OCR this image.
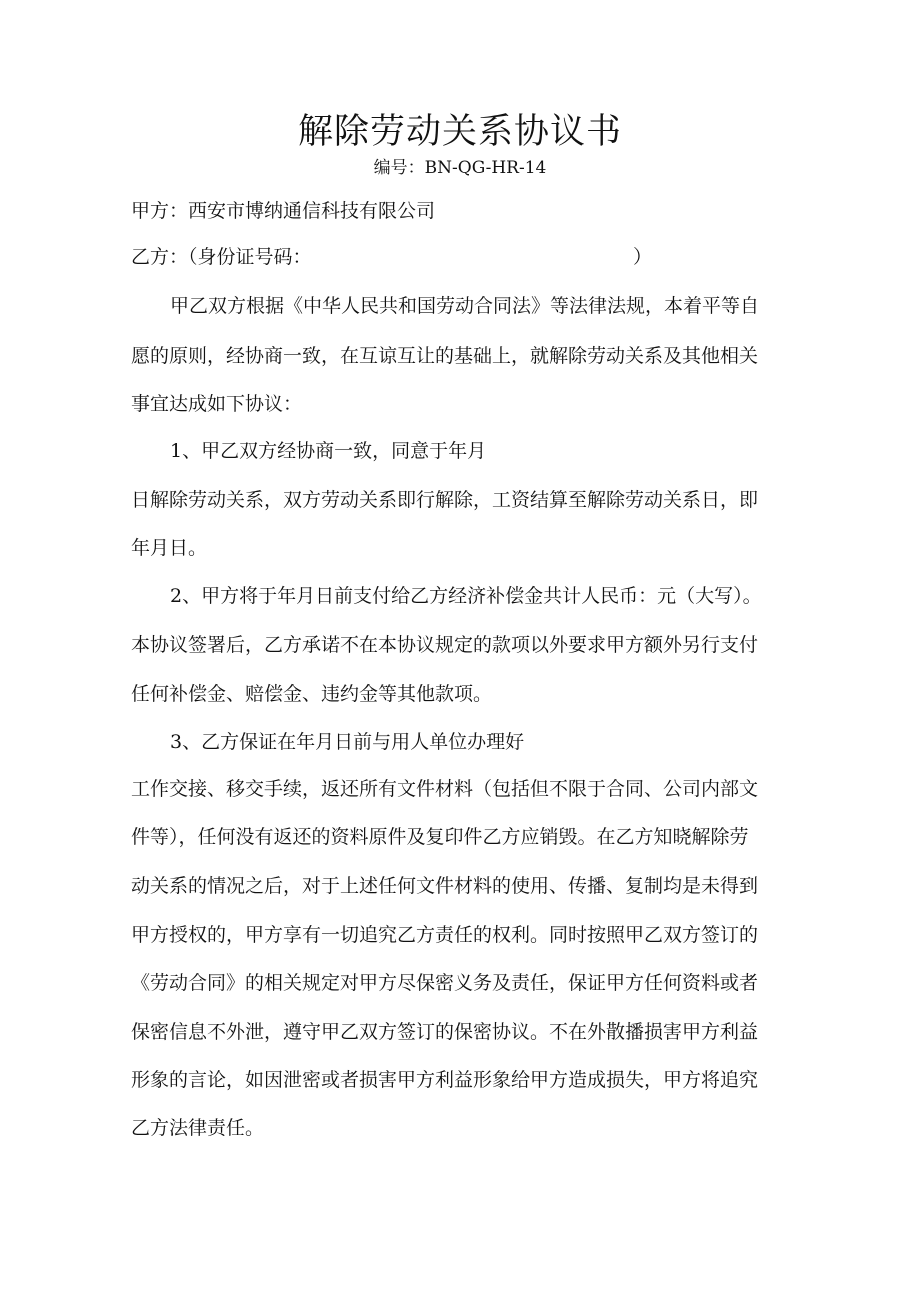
解除劳动关系协议书
编号：BN-QG-HR-14
甲方：西安市博纳通信科技有限公司
乙方：（身份证号码：	）
甲乙双方根据《中华人民共和国劳动合同法》等法律法规，本着平等自
愿的原则，经协商一致，在互谅互让的基础上，就解除劳动关系及其他相关
事宜达成如下协议：
1、甲乙双方经协商一致，同意于年月
日解除劳动关系，双方劳动关系即行解除，工资结算至解除劳动关系日，即
年月日。
2、甲方将于年月日前支付给乙方经济补偿金共计人民币：元（大写）。
本协议签署后，乙方承诺不在本协议规定的款项以外要求甲方额外另行支付
任何补偿金、赔偿金、违约金等其他款项。
3、乙方保证在年月日前与用人单位办理好
工作交接、移交手续，返还所有文件材料（包括但不限于合同、公司内部文
件等），任何没有返还的资料原件及复印件乙方应销毁。在乙方知晓解除劳
动关系的情况之后，对于上述任何文件材料的使用、传播、复制均是未得到
甲方授权的，甲方享有一切追究乙方责任的权利。同时按照甲乙双方签订的
《劳动合同》的相关规定对甲方尽保密义务及责任，保证甲方任何资料或者
保密信息不外泄，遵守甲乙双方签订的保密协议。不在外散播损害甲方利益
形象的言论，如因泄密或者损害甲方利益形象给甲方造成损失，甲方将追究
乙方法律责任。
